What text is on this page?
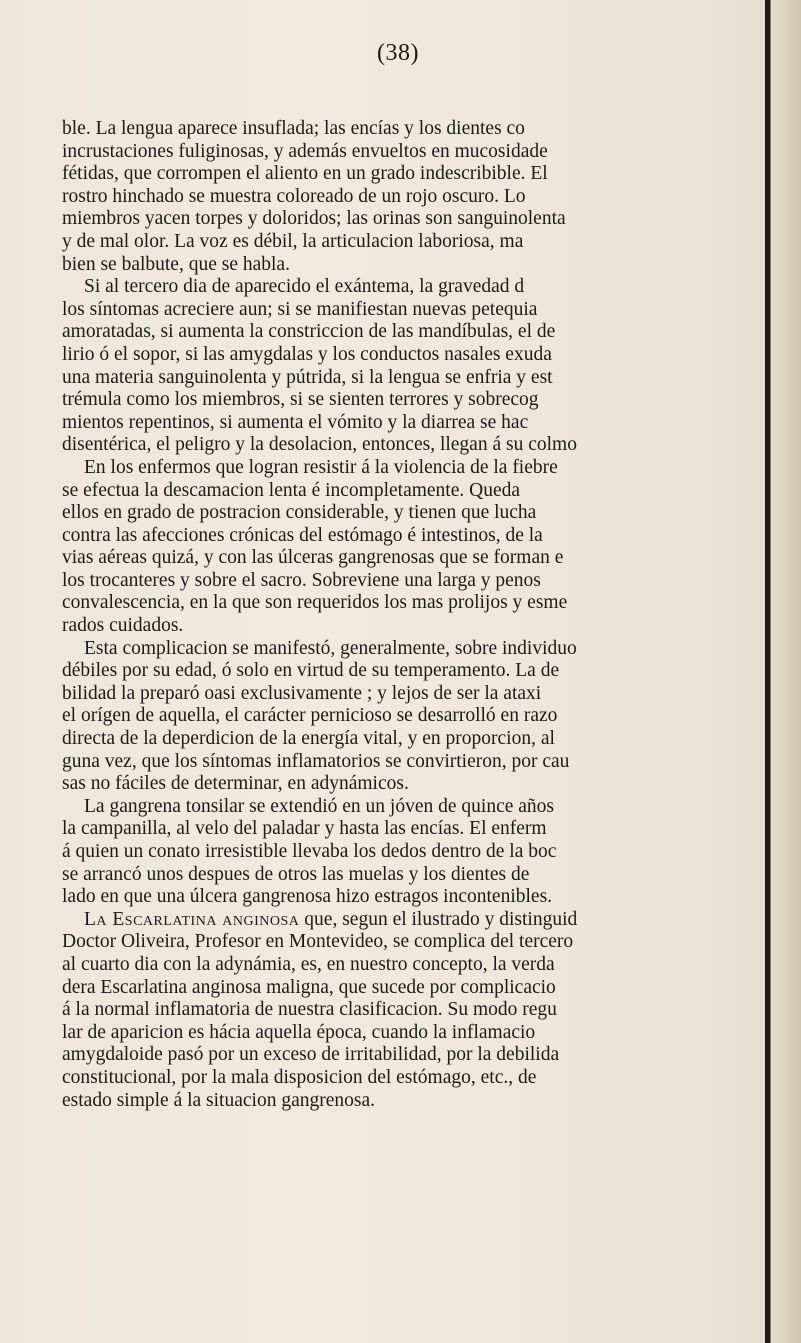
(38)

ble. La lengua aparece insuflada; las encías y los dientes co

incrustaciones fuliginosas, y además envueltos en mucosidade

fétidas, que corrompen el aliento en un grado indescribible. El

rostro hinchado se muestra coloreado de un rojo oscuro. Lo

miembros yacen torpes y doloridos; las orinas son sanguinolenta

y de mal olor. La voz es débil, la articulacion laboriosa, ma

bien se balbute, que se habla.

Si al tercero dia de aparecido el exántema, la gravedad d

los síntomas acreciere aun; si se manifiestan nuevas petequia

amoratadas, si aumenta la constriccion de las mandíbulas, el de

lirio ó el sopor, si las amygdalas y los conductos nasales exuda

una materia sanguinolenta y pútrida, si la lengua se enfria y est

trémula como los miembros, si se sienten terrores y sobrecog

mientos repentinos, si aumenta el vómito y la diarrea se hac

disentérica, el peligro y la desolacion, entonces, llegan á su colmo

En los enfermos que logran resistir á la violencia de la fiebre

se efectua la descamacion lenta é incompletamente. Queda

ellos en grado de postracion considerable, y tienen que lucha

contra las afecciones crónicas del estómago é intestinos, de la

vias aéreas quizá, y con las úlceras gangrenosas que se forman e

los trocanteres y sobre el sacro. Sobreviene una larga y penos

convalescencia, en la que son requeridos los mas prolijos y esme

rados cuidados.

Esta complicacion se manifestó, generalmente, sobre individuo

débiles por su edad, ó solo en virtud de su temperamento. La de

bilidad la preparó oasi exclusivamente ; y lejos de ser la ataxi

el orígen de aquella, el carácter pernicioso se desarrolló en razo

directa de la deperdicion de la energía vital, y en proporcion, al

guna vez, que los síntomas inflamatorios se convirtieron, por cau

sas no fáciles de determinar, en adynámicos.

La gangrena tonsilar se extendió en un jóven de quince años

la campanilla, al velo del paladar y hasta las encías. El enferm

á quien un conato irresistible llevaba los dedos dentro de la boc

se arrancó unos despues de otros las muelas y los dientes de

lado en que una úlcera gangrenosa hizo estragos incontenibles.

La Escarlatina anginosa que, segun el ilustrado y distinguid

Doctor Oliveira, Profesor en Montevideo, se complica del tercero

al cuarto dia con la adynámia, es, en nuestro concepto, la verda

dera Escarlatina anginosa maligna, que sucede por complicacio

á la normal inflamatoria de nuestra clasificacion. Su modo regu

lar de aparicion es hácia aquella época, cuando la inflamacio

amygdaloide pasó por un exceso de irritabilidad, por la debilida

constitucional, por la mala disposicion del estómago, etc., de

estado simple á la situacion gangrenosa.
